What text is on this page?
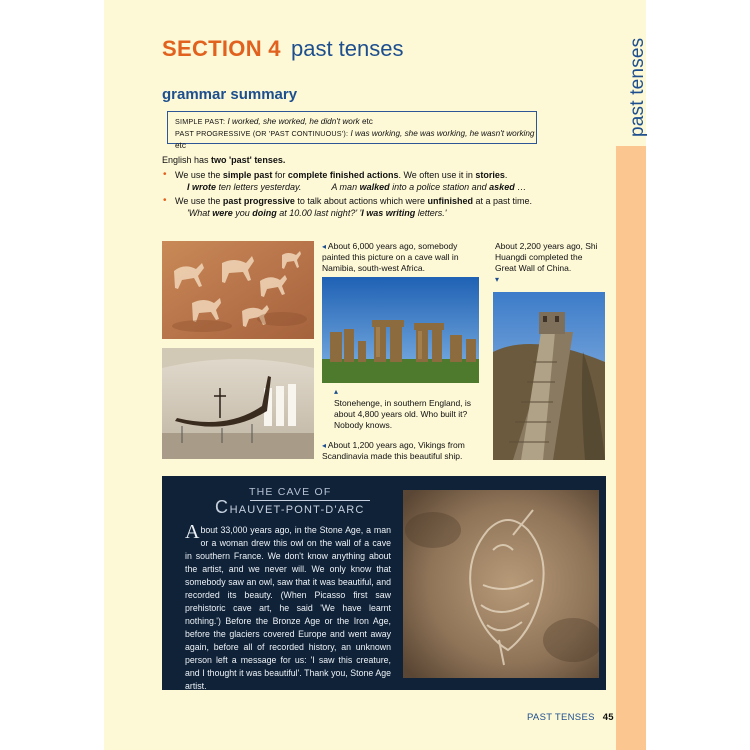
past tenses
SECTION 4 past tenses
grammar summary
SIMPLE PAST: I worked, she worked, he didn't work etc
PAST PROGRESSIVE (OR 'PAST CONTINUOUS'): I was working, she was working, he wasn't working etc
English has two 'past' tenses.
• We use the simple past for complete finished actions. We often use it in stories.
I wrote ten letters yesterday.	A man walked into a police station and asked …
• We use the past progressive to talk about actions which were unfinished at a past time.
'What were you doing at 10.00 last night?' 'I was writing letters.'
◂ About 6,000 years ago, somebody painted this picture on a cave wall in Namibia, south-west Africa.
About 2,200 years ago, Shi Huangdi completed the Great Wall of China.
▾
▴
Stonehenge, in southern England, is about 4,800 years old. Who built it? Nobody knows.
◂ About 1,200 years ago, Vikings from Scandinavia made this beautiful ship.
THE CAVE OF
CHAUVET-PONT-D'ARC
About 33,000 years ago, in the Stone Age, a man or a woman drew this owl on the wall of a cave in southern France. We don't know anything about the artist, and we never will. We only know that somebody saw an owl, saw that it was beautiful, and recorded its beauty. (When Picasso first saw prehistoric cave art, he said 'We have learnt nothing.') Before the Bronze Age or the Iron Age, before the glaciers covered Europe and went away again, before all of recorded history, an unknown person left a message for us: 'I saw this creature, and I thought it was beautiful'. Thank you, Stone Age artist.
PAST TENSES 45
